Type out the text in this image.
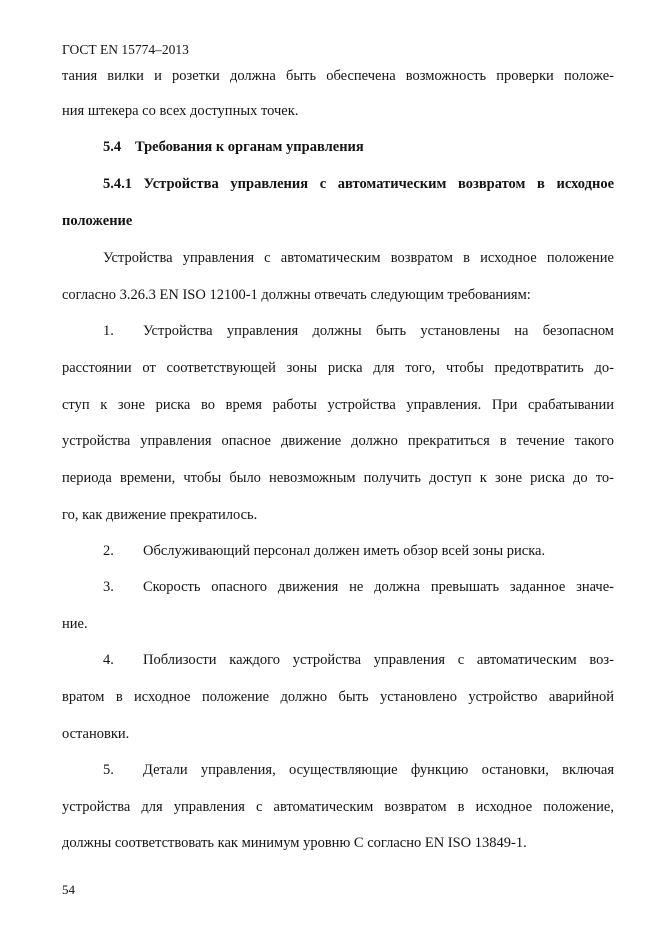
ГОСТ EN 15774–2013
тания вилки и розетки должна быть обеспечена возможность проверки положе-
ния штекера со всех доступных точек.
5.4 Требования к органам управления
5.4.1 Устройства управления с автоматическим возвратом в исходное
положение
Устройства управления с автоматическим возвратом в исходное положение
согласно 3.26.3 EN ISO 12100-1 должны отвечать следующим требованиям:
1. Устройства управления должны быть установлены на безопасном
расстоянии от соответствующей зоны риска для того, чтобы предотвратить до-
ступ к зоне риска во время работы устройства управления. При срабатывании
устройства управления опасное движение должно прекратиться в течение такого
периода времени, чтобы было невозможным получить доступ к зоне риска до то-
го, как движение прекратилось.
2. Обслуживающий персонал должен иметь обзор всей зоны риска.
3. Скорость опасного движения не должна превышать заданное значе-
ние.
4. Поблизости каждого устройства управления с автоматическим воз-
вратом в исходное положение должно быть установлено устройство аварийной
остановки.
5. Детали управления, осуществляющие функцию остановки, включая
устройства для управления с автоматическим возвратом в исходное положение,
должны соответствовать как минимум уровню C согласно EN ISO 13849-1.
54
